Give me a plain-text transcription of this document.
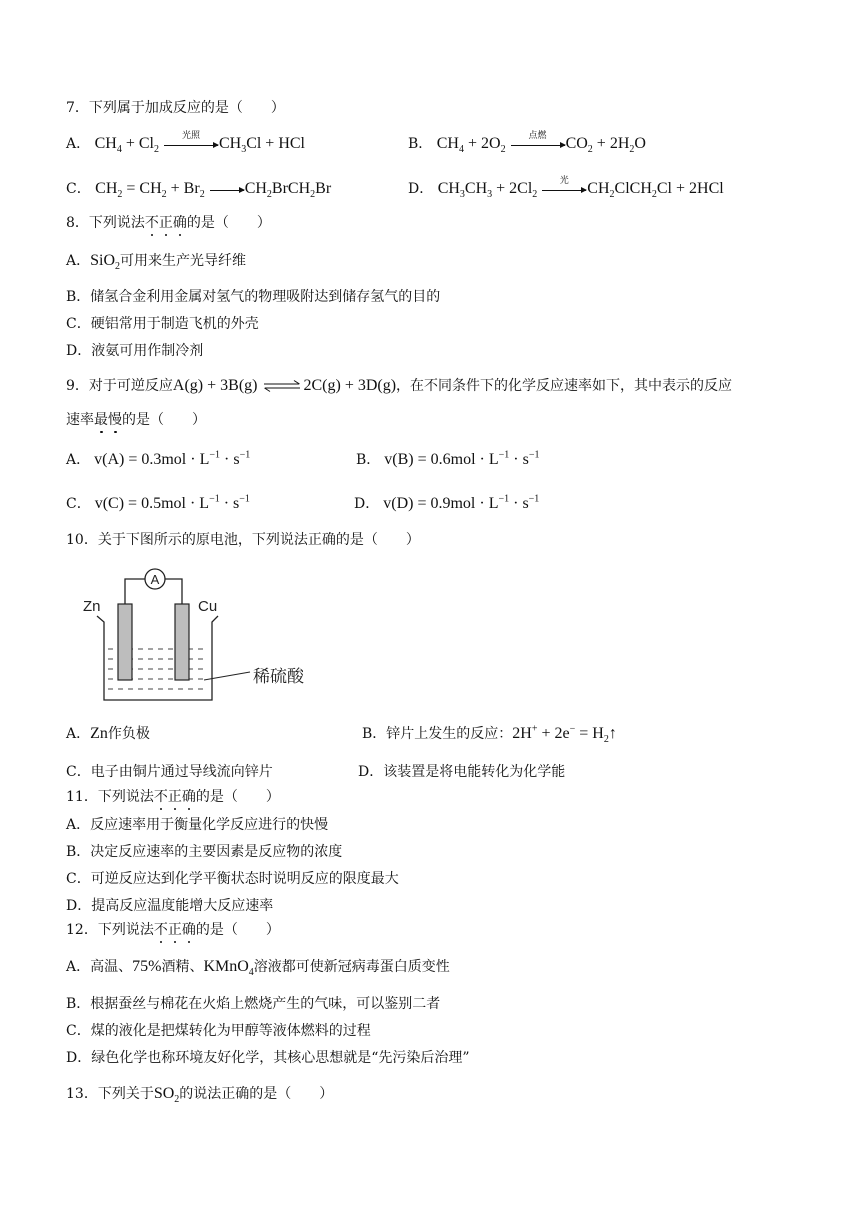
7．下列属于加成反应的是（　　）
A． $CH_4 + Cl_2$
光照
$CH_3Cl$ + HCl	B． $CH_4 + 2O_2$
点燃
$CO_2 + 2H_2O$
C． $CH_2 = CH_2 + Br_2$ $\to CH_2BrCH_2Br$	D． $CH_3CH_3 + 2Cl_2$
光
$CH_2ClCH_2Cl + 2HCl$
8．下列说法不正确的是（　　）
A．SiO$_2$可用来生产光导纤维
B．储氢合金利用金属对氢气的物理吸附达到储存氢气的目的
C．硬铝常用于制造飞机的外壳
D．液氨可用作制冷剂
9．对于可逆反应A(g) + 3B(g) ⇌ 2C(g) + 3D(g)，在不同条件下的化学反应速率如下，其中表示的反应
速率最慢的是（　　）
A． $v(A) = 0.3mol \cdot L^{-1} \cdot s^{-1}$	B． $v(B) = 0.6mol \cdot L^{-1} \cdot s^{-1}$
C． $v(C) = 0.5mol \cdot L^{-1} \cdot s^{-1}$	D． $v(D) = 0.9mol \cdot L^{-1} \cdot s^{-1}$
10．关于下图所示的原电池，下列说法正确的是（　　）
A
Zn	Cu
稀硫酸
A．Zn作负极	B．锌片上发生的反应：$2H^+ + 2e^- = H_2↑$
C．电子由铜片通过导线流向锌片	D．该装置是将电能转化为化学能
11．下列说法不正确的是（　　）
A．反应速率用于衡量化学反应进行的快慢
B．决定反应速率的主要因素是反应物的浓度
C．可逆反应达到化学平衡状态时说明反应的限度最大
D．提高反应温度能增大反应速率
12．下列说法不正确的是（　　）
A．高温、75%酒精、KMnO$_4$溶液都可使新冠病毒蛋白质变性
B．根据蚕丝与棉花在火焰上燃烧产生的气味，可以鉴别二者
C．煤的液化是把煤转化为甲醇等液体燃料的过程
D．绿色化学也称环境友好化学，其核心思想就是“先污染后治理”
13．下列关于$SO_2$的说法正确的是（　　）
